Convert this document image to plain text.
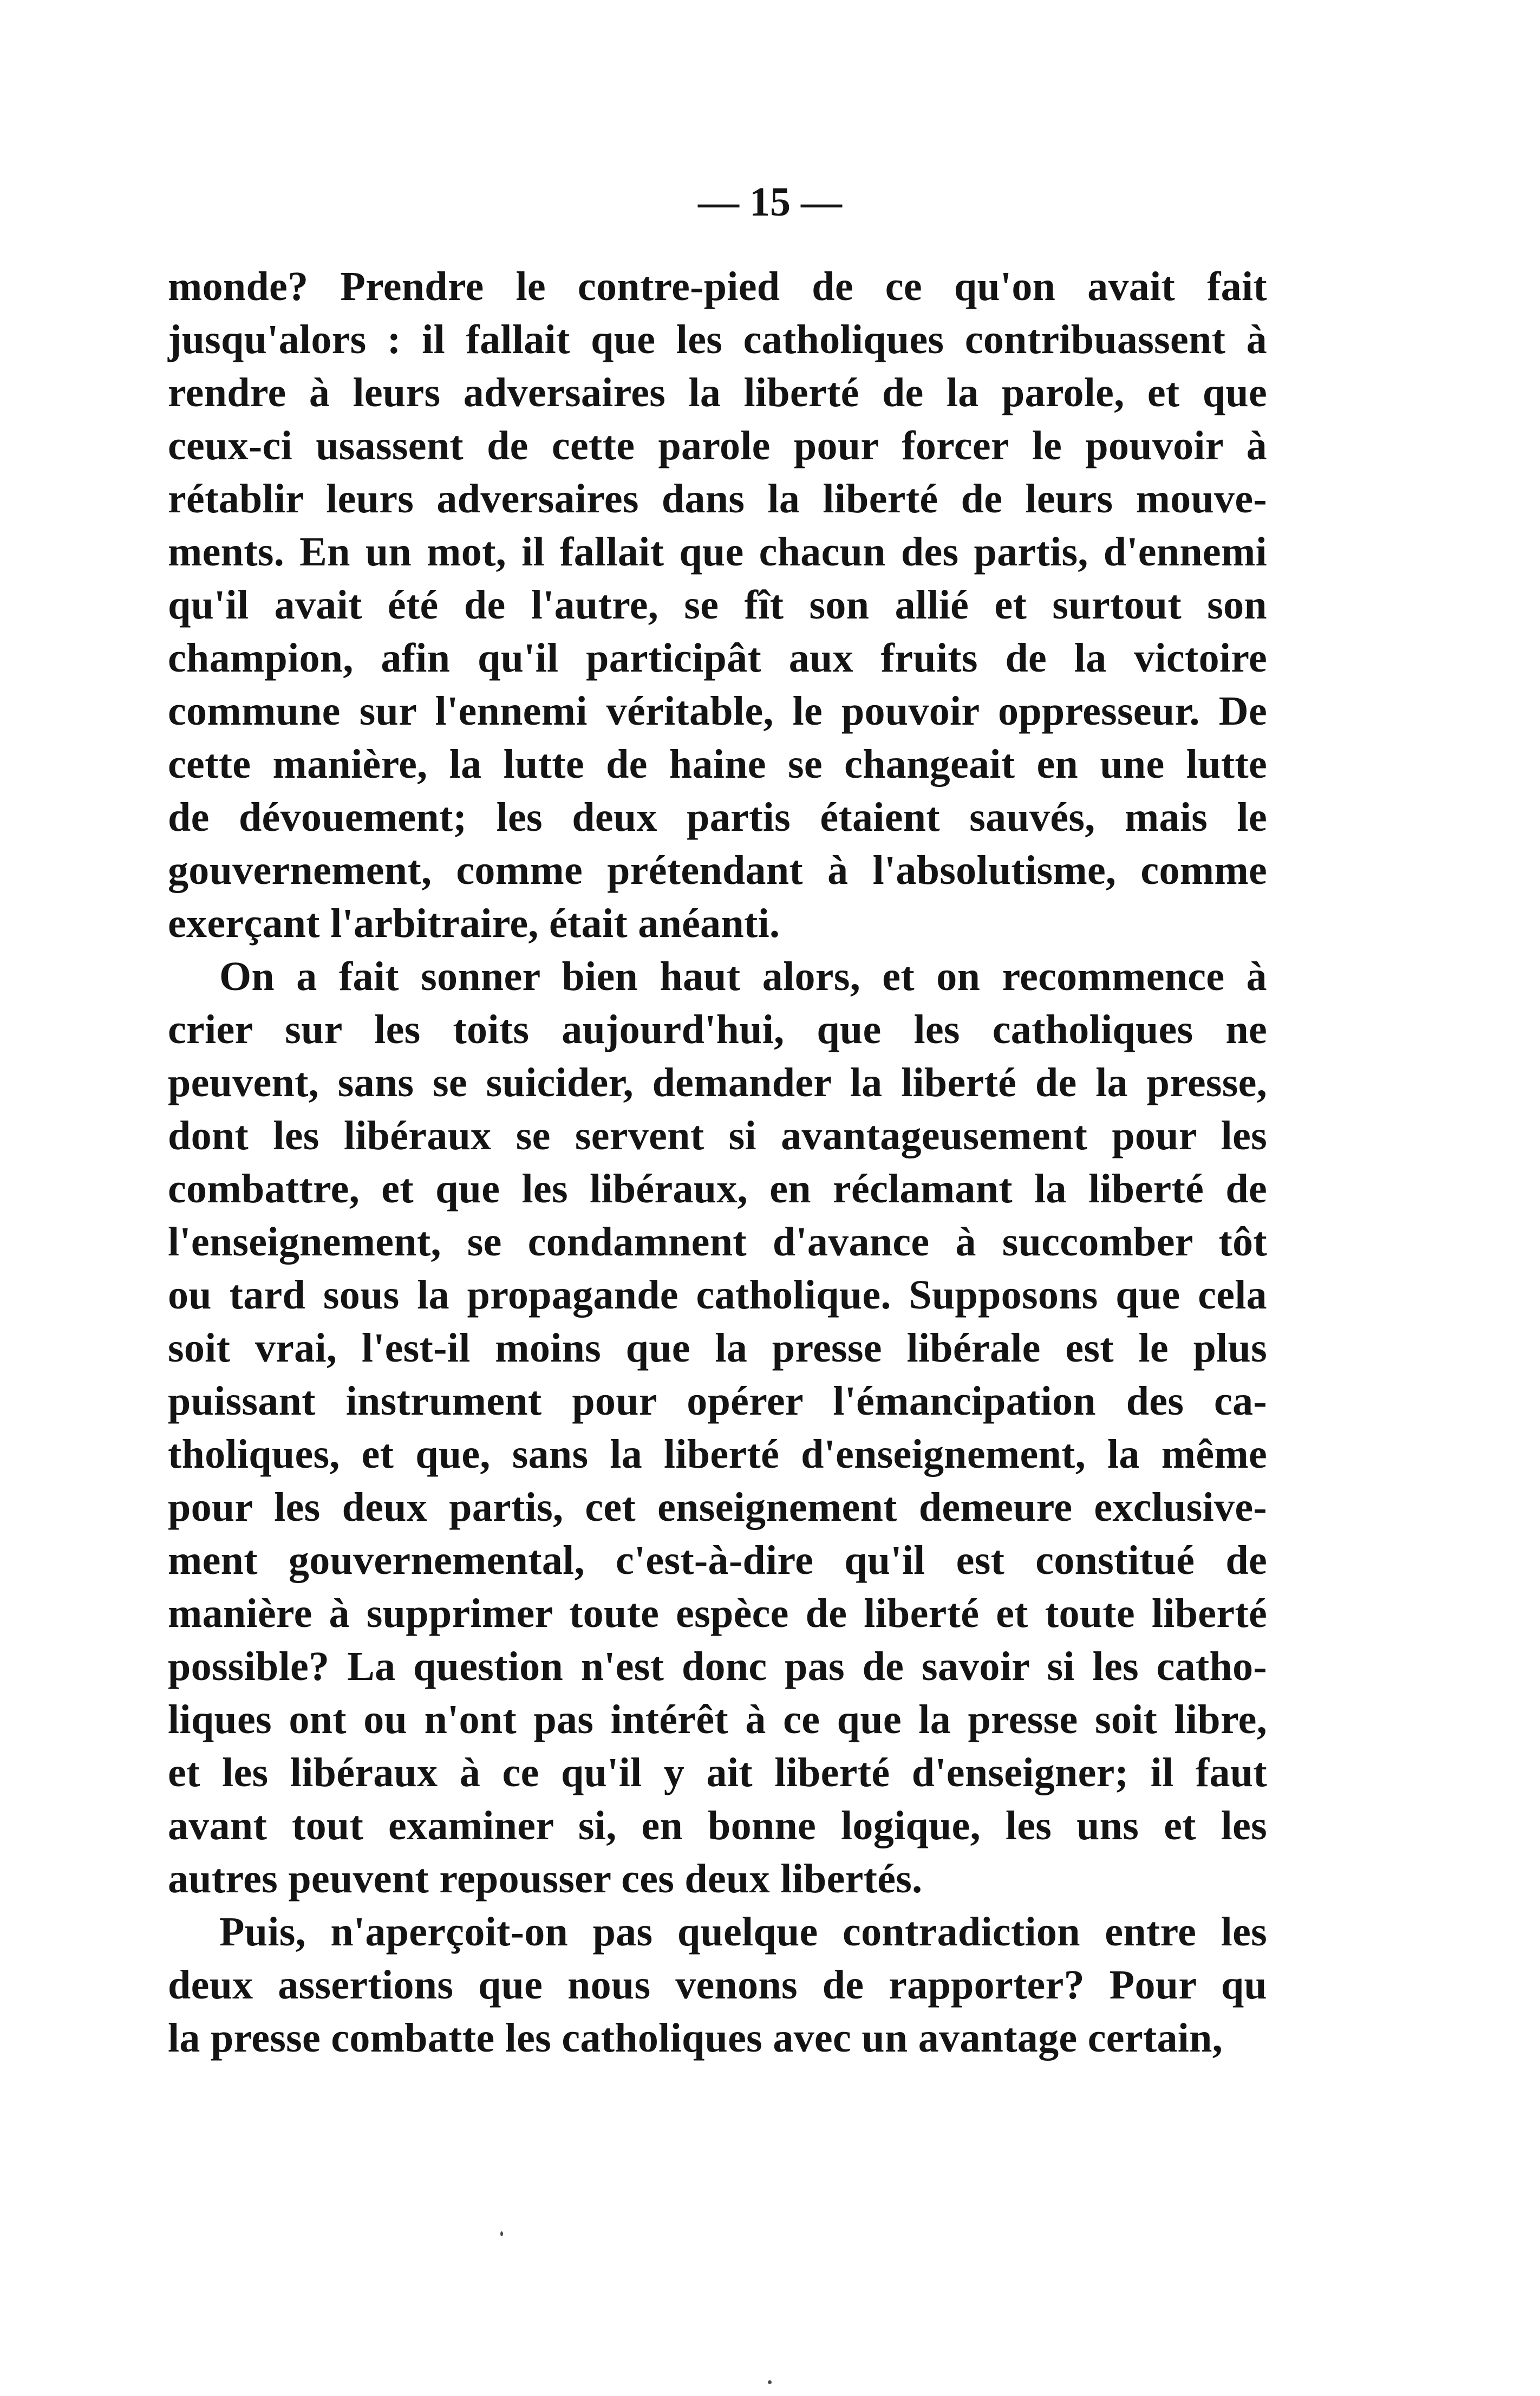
— 15 —
monde? Prendre le contre-pied de ce qu'on avait fait
jusqu'alors : il fallait que les catholiques contribuassent à
rendre à leurs adversaires la liberté de la parole, et que
ceux-ci usassent de cette parole pour forcer le pouvoir à
rétablir leurs adversaires dans la liberté de leurs mouve-
ments. En un mot, il fallait que chacun des partis, d'ennemi
qu'il avait été de l'autre, se fît son allié et surtout son
champion, afin qu'il participât aux fruits de la victoire
commune sur l'ennemi véritable, le pouvoir oppresseur. De
cette manière, la lutte de haine se changeait en une lutte
de dévouement; les deux partis étaient sauvés, mais le
gouvernement, comme prétendant à l'absolutisme, comme
exerçant l'arbitraire, était anéanti.
On a fait sonner bien haut alors, et on recommence à
crier sur les toits aujourd'hui, que les catholiques ne
peuvent, sans se suicider, demander la liberté de la presse,
dont les libéraux se servent si avantageusement pour les
combattre, et que les libéraux, en réclamant la liberté de
l'enseignement, se condamnent d'avance à succomber tôt
ou tard sous la propagande catholique. Supposons que cela
soit vrai, l'est-il moins que la presse libérale est le plus
puissant instrument pour opérer l'émancipation des ca-
tholiques, et que, sans la liberté d'enseignement, la même
pour les deux partis, cet enseignement demeure exclusive-
ment gouvernemental, c'est-à-dire qu'il est constitué de
manière à supprimer toute espèce de liberté et toute liberté
possible? La question n'est donc pas de savoir si les catho-
liques ont ou n'ont pas intérêt à ce que la presse soit libre,
et les libéraux à ce qu'il y ait liberté d'enseigner; il faut
avant tout examiner si, en bonne logique, les uns et les
autres peuvent repousser ces deux libertés.
Puis, n'aperçoit-on pas quelque contradiction entre les
deux assertions que nous venons de rapporter? Pour qu
la presse combatte les catholiques avec un avantage certain,
